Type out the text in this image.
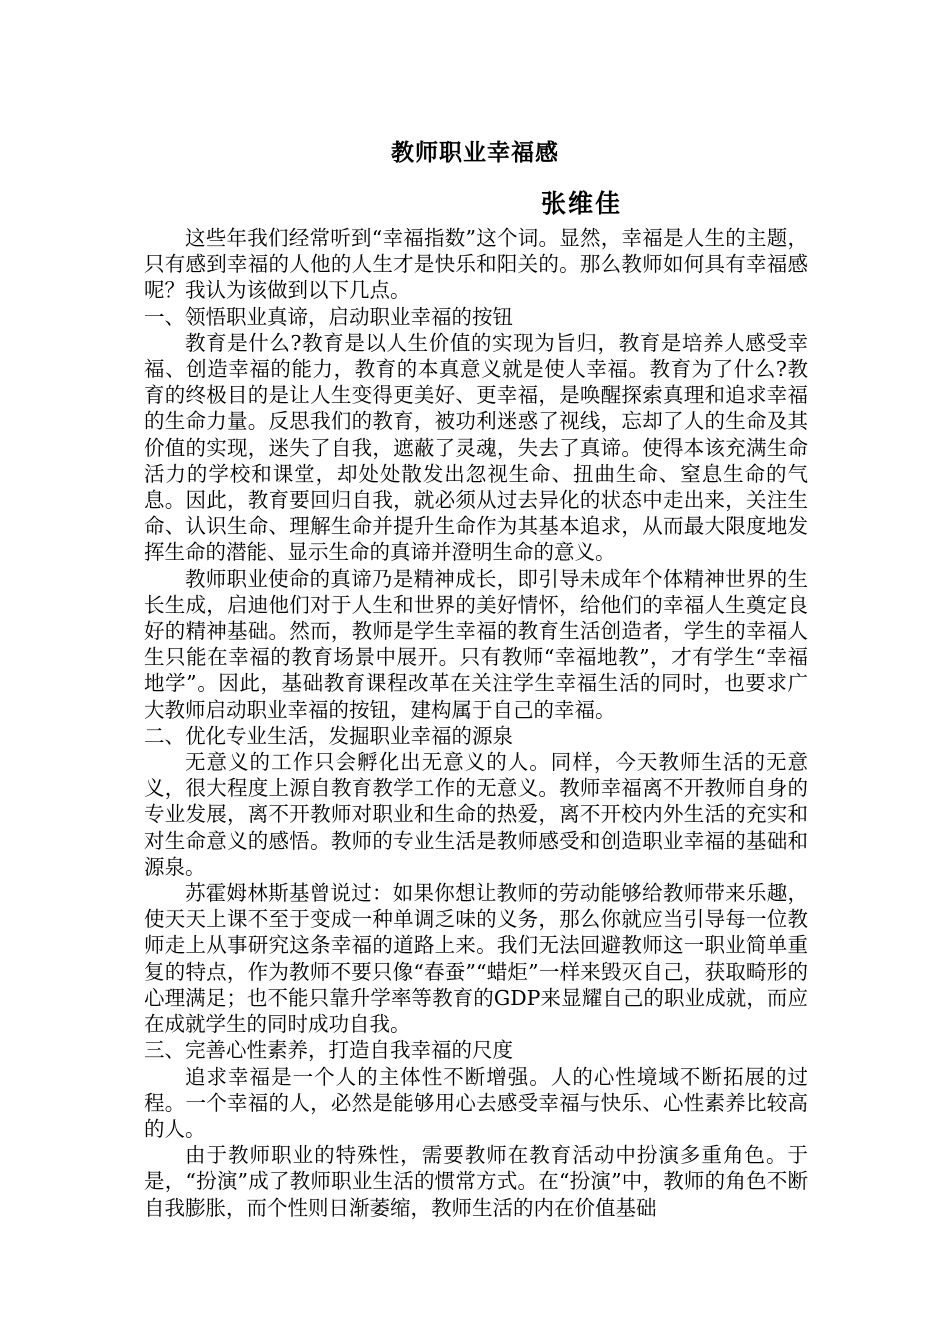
教师职业幸福感
张维佳

这些年我们经常听到“幸福指数”这个词。显然，幸福是人生的主题，只有感到幸福的人他的人生才是快乐和阳关的。那么教师如何具有幸福感呢？我认为该做到以下几点。

一、领悟职业真谛，启动职业幸福的按钮

教育是什么?教育是以人生价值的实现为旨归，教育是培养人感受幸福、创造幸福的能力，教育的本真意义就是使人幸福。教育为了什么?教育的终极目的是让人生变得更美好、更幸福，是唤醒探索真理和追求幸福的生命力量。反思我们的教育，被功利迷惑了视线，忘却了人的生命及其价值的实现，迷失了自我，遮蔽了灵魂，失去了真谛。使得本该充满生命活力的学校和课堂，却处处散发出忽视生命、扭曲生命、窒息生命的气息。因此，教育要回归自我，就必须从过去异化的状态中走出来，关注生命、认识生命、理解生命并提升生命作为其基本追求，从而最大限度地发挥生命的潜能、显示生命的真谛并澄明生命的意义。

教师职业使命的真谛乃是精神成长，即引导未成年个体精神世界的生长生成，启迪他们对于人生和世界的美好情怀，给他们的幸福人生奠定良好的精神基础。然而，教师是学生幸福的教育生活创造者，学生的幸福人生只能在幸福的教育场景中展开。只有教师“幸福地教”，才有学生“幸福地学”。因此，基础教育课程改革在关注学生幸福生活的同时，也要求广大教师启动职业幸福的按钮，建构属于自己的幸福。

二、优化专业生活，发掘职业幸福的源泉

无意义的工作只会孵化出无意义的人。同样，今天教师生活的无意义，很大程度上源自教育教学工作的无意义。教师幸福离不开教师自身的专业发展，离不开教师对职业和生命的热爱，离不开校内外生活的充实和对生命意义的感悟。教师的专业生活是教师感受和创造职业幸福的基础和源泉。

苏霍姆林斯基曾说过：如果你想让教师的劳动能够给教师带来乐趣，使天天上课不至于变成一种单调乏味的义务，那么你就应当引导每一位教师走上从事研究这条幸福的道路上来。我们无法回避教师这一职业简单重复的特点，作为教师不要只像“春蚕”“蜡炬”一样来毁灭自己，获取畸形的心理满足；也不能只靠升学率等教育的GDP来显耀自己的职业成就，而应在成就学生的同时成功自我。

三、完善心性素养，打造自我幸福的尺度

追求幸福是一个人的主体性不断增强。人的心性境域不断拓展的过程。一个幸福的人，必然是能够用心去感受幸福与快乐、心性素养比较高的人。

由于教师职业的特殊性，需要教师在教育活动中扮演多重角色。于是，“扮演”成了教师职业生活的惯常方式。在“扮演”中，教师的角色不断自我膨胀，而个性则日渐萎缩，教师生活的内在价值基础
